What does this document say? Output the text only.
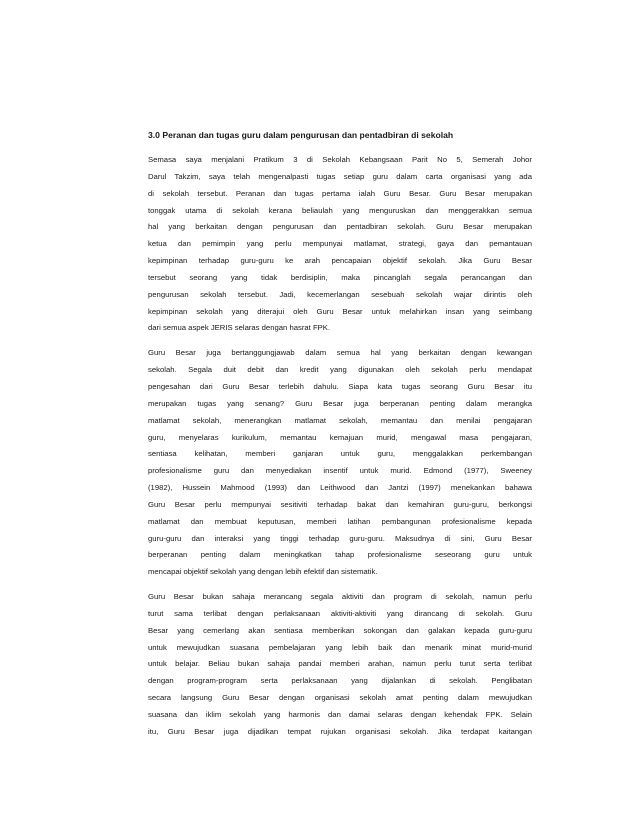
3.0 Peranan dan tugas guru dalam pengurusan dan pentadbiran di sekolah
Semasa saya menjalani Pratikum 3 di Sekolah Kebangsaan Parit No 5, Semerah Johor
Darul Takzim, saya telah mengenalpasti tugas setiap guru dalam carta organisasi yang ada
di sekolah tersebut. Peranan dan tugas pertama ialah Guru Besar. Guru Besar merupakan
tonggak utama di sekolah kerana beliaulah yang menguruskan dan menggerakkan semua
hal yang berkaitan dengan pengurusan dan pentadbiran sekolah. Guru Besar merupakan
ketua dan pemimpin yang perlu mempunyai matlamat, strategi, gaya dan pemantauan
kepimpinan terhadap guru-guru ke arah pencapaian objektif sekolah. Jika Guru Besar
tersebut seorang yang tidak berdisiplin, maka pincanglah segala perancangan dan
pengurusan sekolah tersebut. Jadi, kecemerlangan sesebuah sekolah wajar dirintis oleh
kepimpinan sekolah yang diterajui oleh Guru Besar untuk melahirkan insan yang seimbang
dari semua aspek JERIS selaras dengan hasrat FPK.
Guru Besar juga bertanggungjawab dalam semua hal yang berkaitan dengan kewangan
sekolah. Segala duit debit dan kredit yang digunakan oleh sekolah perlu mendapat
pengesahan dari Guru Besar terlebih dahulu. Siapa kata tugas seorang Guru Besar itu
merupakan tugas yang senang? Guru Besar juga berperanan penting dalam merangka
matlamat sekolah, menerangkan matlamat sekolah, memantau dan menilai pengajaran
guru, menyelaras kurikulum, memantau kemajuan murid, mengawal masa pengajaran,
sentiasa kelihatan, memberi ganjaran untuk guru, menggalakkan perkembangan
profesionalisme guru dan menyediakan insentif untuk murid. Edmond (1977), Sweeney
(1982), Hussein Mahmood (1993) dan Leithwood dan Jantzi (1997) menekankan bahawa
Guru Besar perlu mempunyai sesitiviti terhadap bakat dan kemahiran guru-guru, berkongsi
matlamat dan membuat keputusan, memberi latihan pembangunan profesionalisme kepada
guru-guru dan interaksi yang tinggi terhadap guru-guru. Maksudnya di sini, Guru Besar
berperanan penting dalam meningkatkan tahap profesionalisme seseorang guru untuk
mencapai objektif sekolah yang dengan lebih efektif dan sistematik.
Guru Besar bukan sahaja merancang segala aktiviti dan program di sekolah, namun perlu
turut sama terlibat dengan perlaksanaan aktiviti-aktiviti yang dirancang di sekolah. Guru
Besar yang cemerlang akan sentiasa memberikan sokongan dan galakan kepada guru-guru
untuk mewujudkan suasana pembelajaran yang lebih baik dan menarik minat murid-murid
untuk belajar. Beliau bukan sahaja pandai memberi arahan, namun perlu turut serta terlibat
dengan program-program serta perlaksanaan yang dijalankan di sekolah. Penglibatan
secara langsung Guru Besar dengan organisasi sekolah amat penting dalam mewujudkan
suasana dan iklim sekolah yang harmonis dan damai selaras dengan kehendak FPK. Selain
itu, Guru Besar juga dijadikan tempat rujukan organisasi sekolah. Jika terdapat kaitangan
